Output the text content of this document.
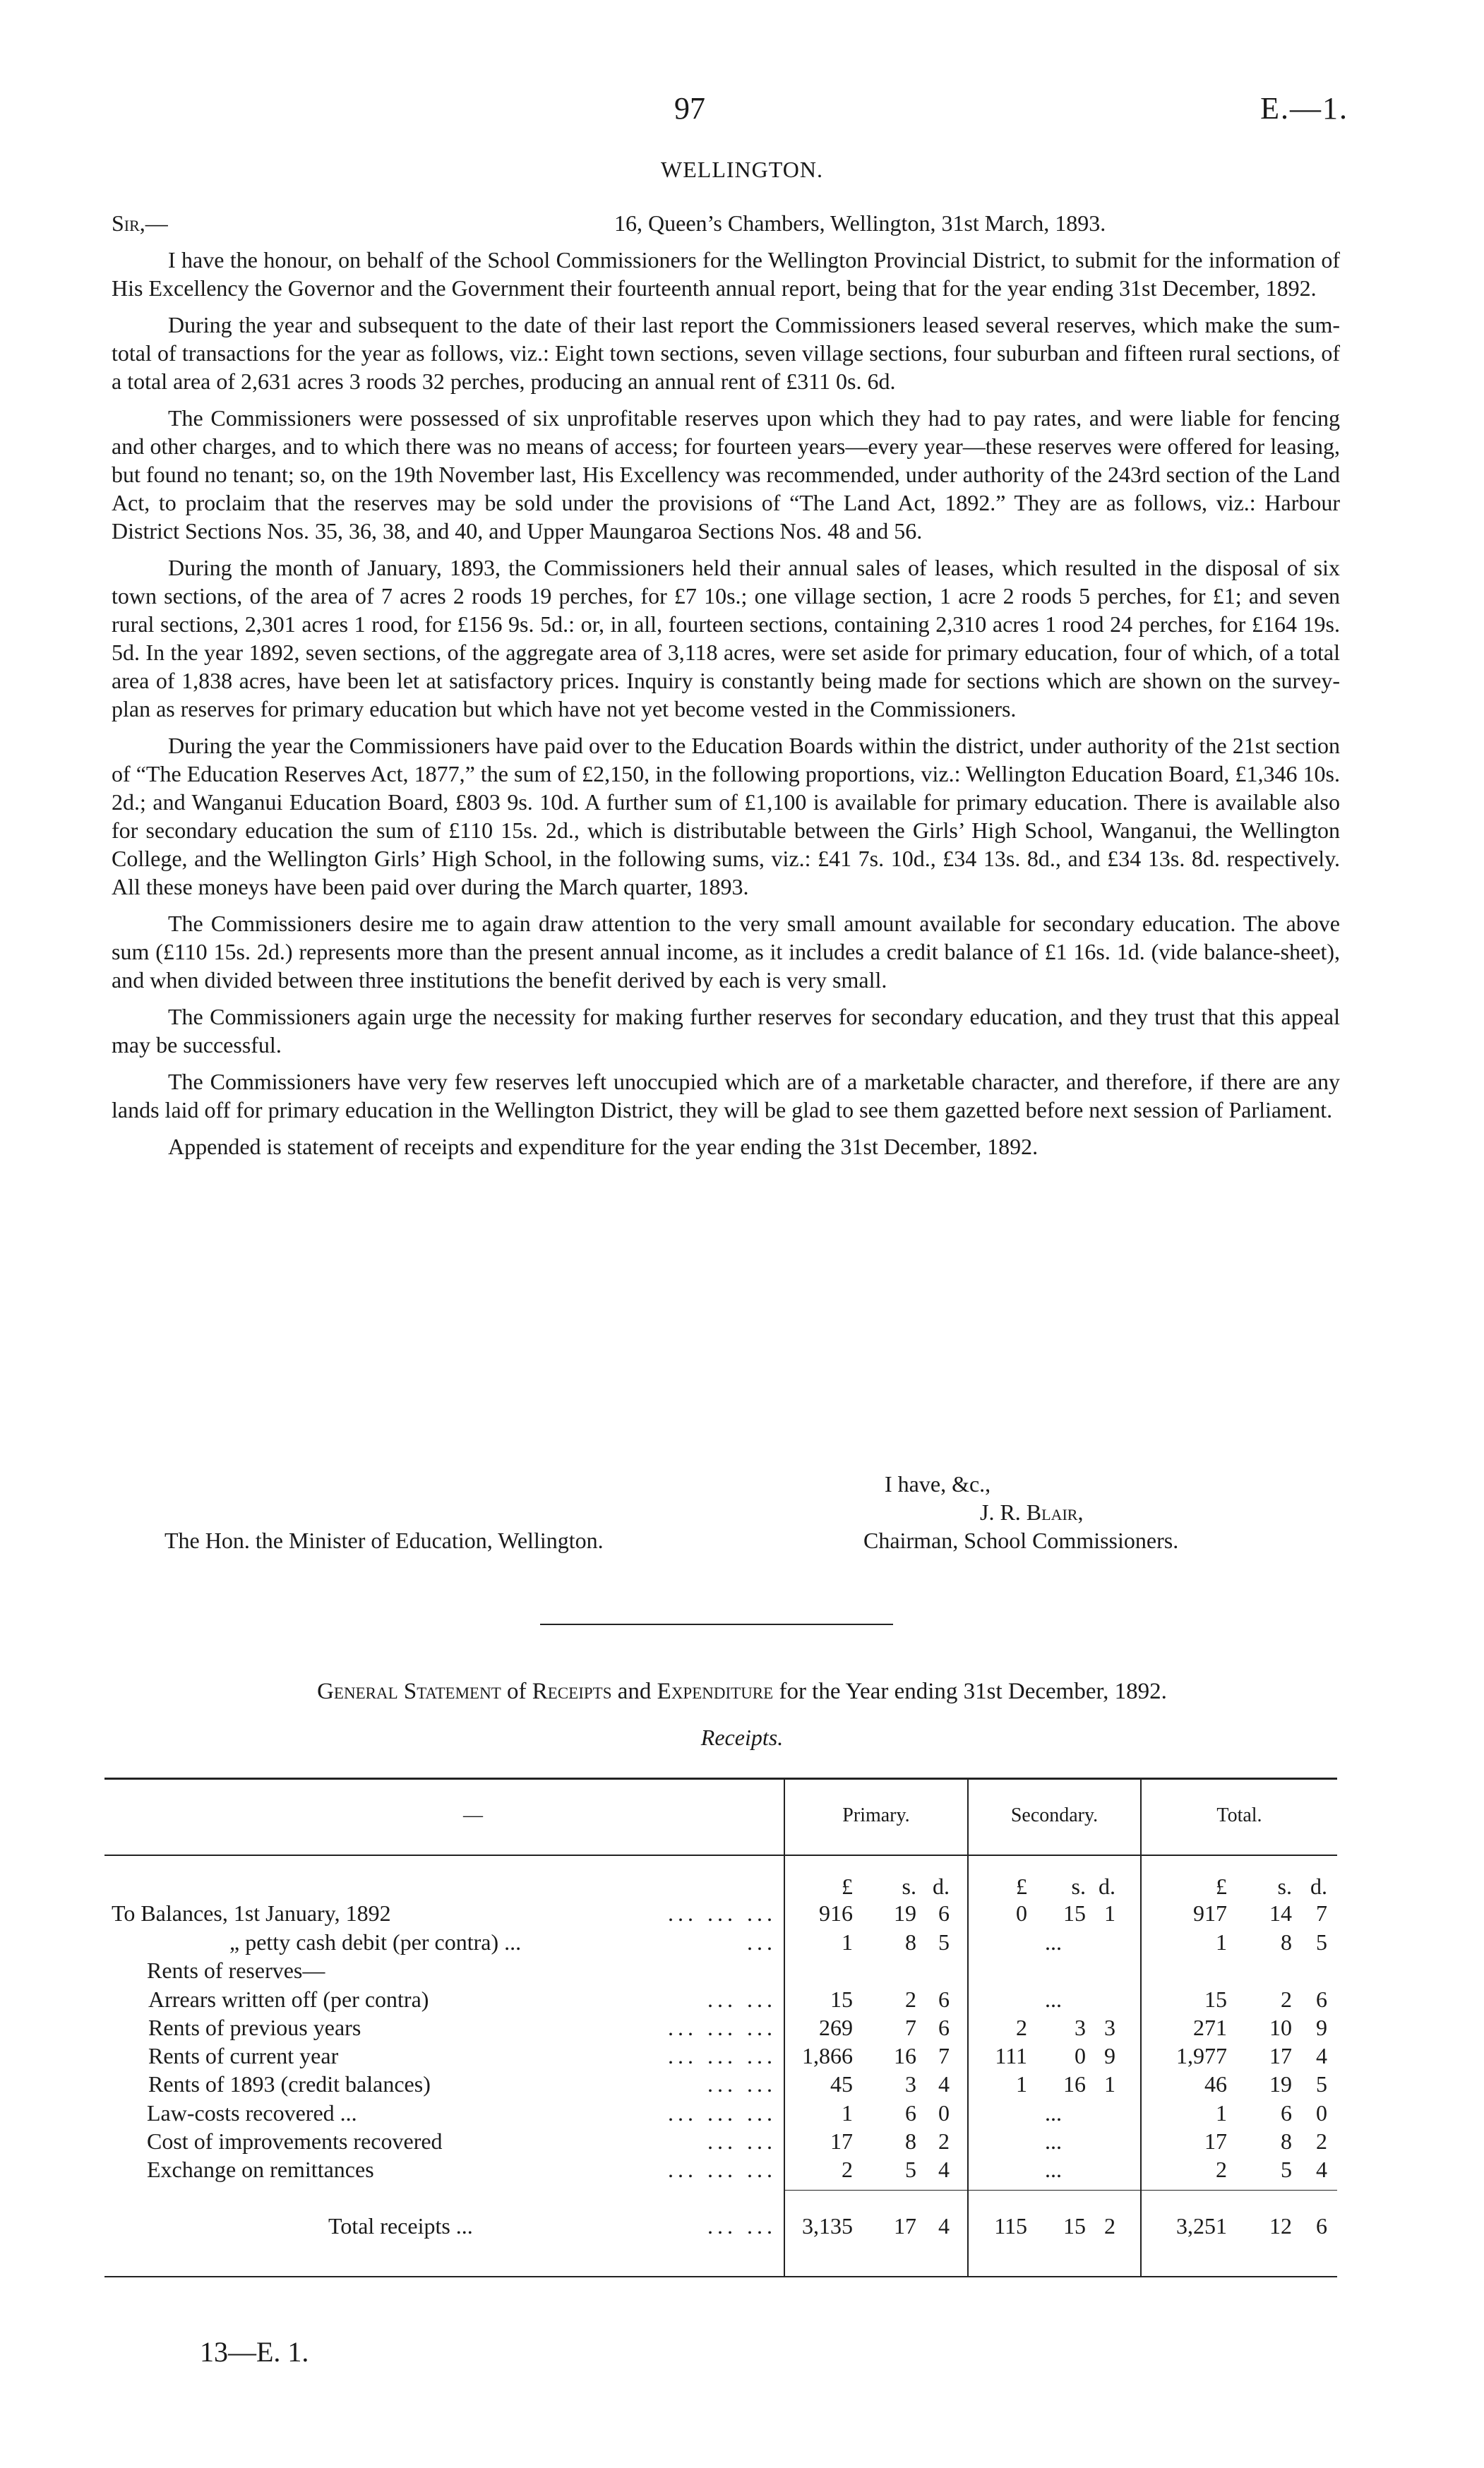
97	E.—1.
WELLINGTON.
Sir,—	16, Queen’s Chambers, Wellington, 31st March, 1893.

I have the honour, on behalf of the School Commissioners for the Wellington Provincial District, to submit for the information of His Excellency the Governor and the Government their fourteenth annual report, being that for the year ending 31st December, 1892.

During the year and subsequent to the date of their last report the Commissioners leased several reserves, which make the sum-total of transactions for the year as follows, viz.: Eight town sections, seven village sections, four suburban and fifteen rural sections, of a total area of 2,631 acres 3 roods 32 perches, producing an annual rent of £311 0s. 6d.

The Commissioners were possessed of six unprofitable reserves upon which they had to pay rates, and were liable for fencing and other charges, and to which there was no means of access; for fourteen years—every year—these reserves were offered for leasing, but found no tenant; so, on the 19th November last, His Excellency was recommended, under authority of the 243rd section of the Land Act, to proclaim that the reserves may be sold under the provisions of “The Land Act, 1892.” They are as follows, viz.: Harbour District Sections Nos. 35, 36, 38, and 40, and Upper Maungaroa Sections Nos. 48 and 56.

During the month of January, 1893, the Commissioners held their annual sales of leases, which resulted in the disposal of six town sections, of the area of 7 acres 2 roods 19 perches, for £7 10s.; one village section, 1 acre 2 roods 5 perches, for £1; and seven rural sections, 2,301 acres 1 rood, for £156 9s. 5d.: or, in all, fourteen sections, containing 2,310 acres 1 rood 24 perches, for £164 19s. 5d. In the year 1892, seven sections, of the aggregate area of 3,118 acres, were set aside for primary education, four of which, of a total area of 1,838 acres, have been let at satisfactory prices. Inquiry is constantly being made for sections which are shown on the survey-plan as reserves for primary education but which have not yet become vested in the Commissioners.

During the year the Commissioners have paid over to the Education Boards within the district, under authority of the 21st section of “The Education Reserves Act, 1877,” the sum of £2,150, in the following proportions, viz.: Wellington Education Board, £1,346 10s. 2d.; and Wanganui Education Board, £803 9s. 10d. A further sum of £1,100 is available for primary education. There is available also for secondary education the sum of £110 15s. 2d., which is distributable between the Girls’ High School, Wanganui, the Wellington College, and the Wellington Girls’ High School, in the following sums, viz.: £41 7s. 10d., £34 13s. 8d., and £34 13s. 8d. respectively. All these moneys have been paid over during the March quarter, 1893.

The Commissioners desire me to again draw attention to the very small amount available for secondary education. The above sum (£110 15s. 2d.) represents more than the present annual income, as it includes a credit balance of £1 16s. 1d. (vide balance-sheet), and when divided between three institutions the benefit derived by each is very small.

The Commissioners again urge the necessity for making further reserves for secondary education, and they trust that this appeal may be successful.

The Commissioners have very few reserves left unoccupied which are of a marketable character, and therefore, if there are any lands laid off for primary education in the Wellington District, they will be glad to see them gazetted before next session of Parliament.

Appended is statement of receipts and expenditure for the year ending the 31st December, 1892.

I have, &c.,
J. R. Blair,
The Hon. the Minister of Education, Wellington.	Chairman, School Commissioners.
General Statement of Receipts and Expenditure for the Year ending 31st December, 1892.
Receipts.
—	Primary.	Secondary.	Total.
£	s. d.	£	s. d.	£	s. d.
To Balances, 1st January, 1892	... ... ...	916	19 6	0	15 1	917	14	7
„ petty cash debit (per contra) ...	...	1	8 5	...	1	8	5
Rents of reserves—
Arrears written off (per contra)	... ...	15	2 6	...	15	2	6
Rents of previous years	... ... ...	269	7 6	2	3 3	271	10	9
Rents of current year	... ... ...	1,866	16 7	111	0 9	1,977	17	4
Rents of 1893 (credit balances)	... ...	45	3 4	1	16 1	46	19	5
Law-costs recovered ...	... ... ...	1	6 0	...	1	6	0
Cost of improvements recovered	... ...	17	8 2	...	17	8	2
Exchange on remittances	... ... ...	2	5 4	...	2	5	4
Total receipts ...	... ...	3,135	17 4	115	15 2	3,251	12	6
13—E. 1.
